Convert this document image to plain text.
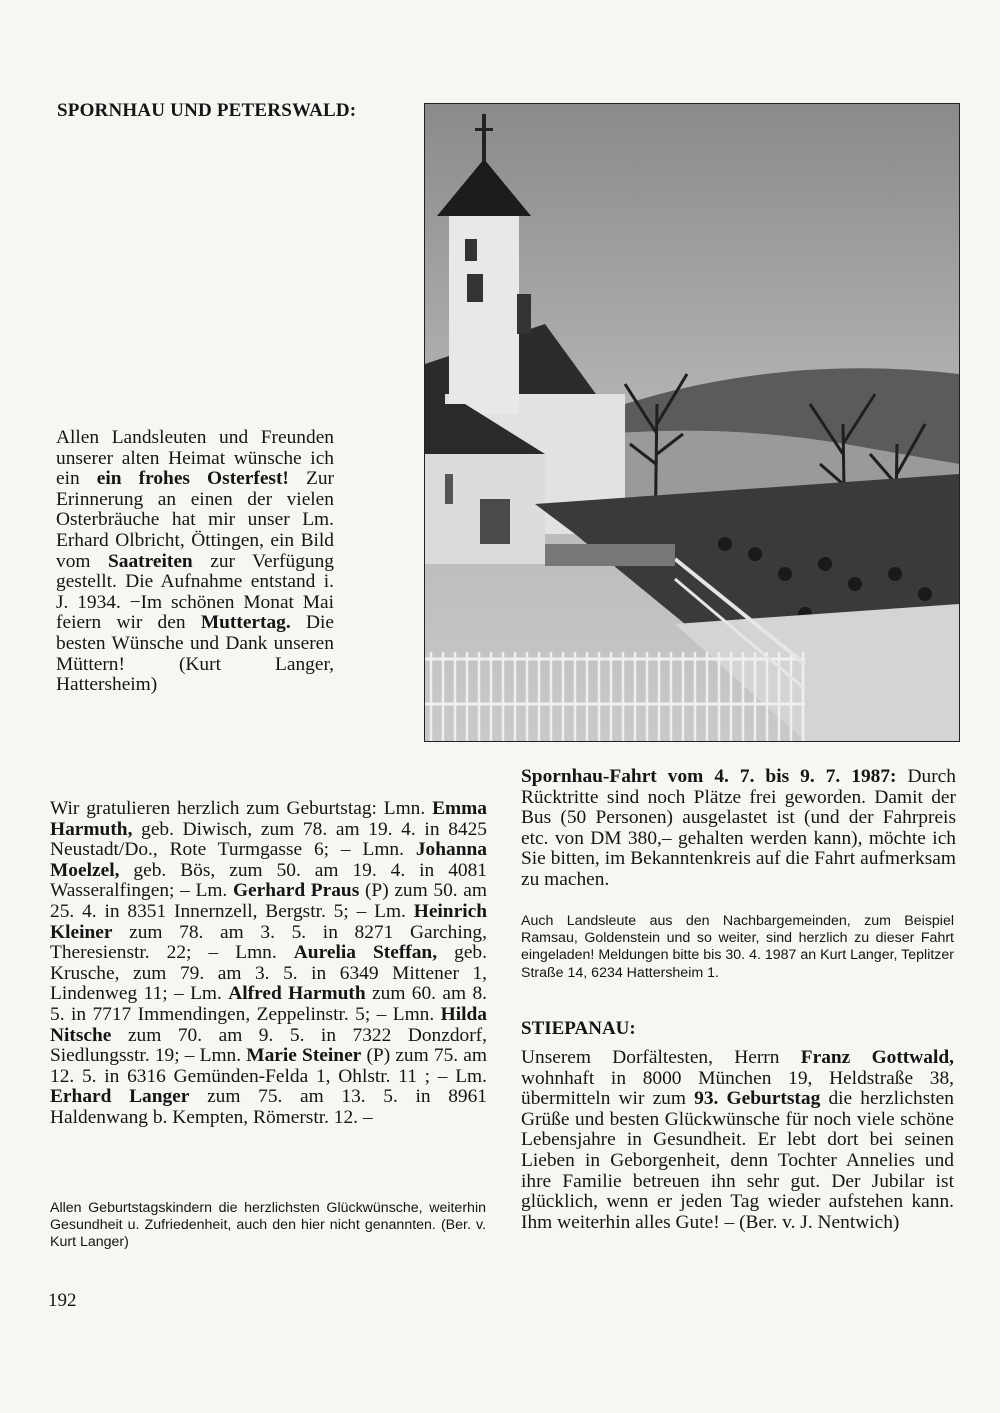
SPORNHAU UND PETERSWALD:

Allen Landsleuten und Freunden unserer alten Heimat wünsche ich ein ein frohes Osterfest! Zur Erinnerung an einen der vielen Osterbräuche hat mir unser Lm. Erhard Olbricht, Öttingen, ein Bild vom Saatreiten zur Verfügung gestellt. Die Aufnahme entstand i. J. 1934. −Im schönen Monat Mai feiern wir den Muttertag. Die besten Wünsche und Dank unseren Müttern! (Kurt Langer, Hattersheim)

Wir gratulieren herzlich zum Geburtstag: Lmn. Emma Harmuth, geb. Diwisch, zum 78. am 19. 4. in 8425 Neustadt/Do., Rote Turmgasse 6; – Lmn. Johanna Moelzel, geb. Bös, zum 50. am 19. 4. in 4081 Wasseralfingen; – Lm. Gerhard Praus (P) zum 50. am 25. 4. in 8351 Innernzell, Bergstr. 5; – Lm. Heinrich Kleiner zum 78. am 3. 5. in 8271 Garching, Theresienstr. 22; – Lmn. Aurelia Steffan, geb. Krusche, zum 79. am 3. 5. in 6349 Mittener 1, Lindenweg 11; – Lm. Alfred Harmuth zum 60. am 8. 5. in 7717 Immendingen, Zeppelinstr. 5; – Lmn. Hilda Nitsche zum 70. am 9. 5. in 7322 Donzdorf, Siedlungsstr. 19; – Lmn. Marie Steiner (P) zum 75. am 12. 5. in 6316 Gemünden-Felda 1, Ohlstr. 11 ; – Lm. Erhard Langer zum 75. am 13. 5. in 8961 Haldenwang b. Kempten, Römerstr. 12. –

Allen Geburtstagskindern die herzlichsten Glückwünsche, weiterhin Gesundheit u. Zufriedenheit, auch den hier nicht genannten. (Ber. v. Kurt Langer)

Spornhau-Fahrt vom 4. 7. bis 9. 7. 1987: Durch Rücktritte sind noch Plätze frei geworden. Damit der Bus (50 Personen) ausgelastet ist (und der Fahrpreis etc. von DM 380,– gehalten werden kann), möchte ich Sie bitten, im Bekanntenkreis auf die Fahrt aufmerksam zu machen.

Auch Landsleute aus den Nachbargemeinden, zum Beispiel Ramsau, Goldenstein und so weiter, sind herzlich zu dieser Fahrt eingeladen! Meldungen bitte bis 30. 4. 1987 an Kurt Langer, Teplitzer Straße 14, 6234 Hattersheim 1.

STIEPANAU:

Unserem Dorfältesten, Herrn Franz Gottwald, wohnhaft in 8000 München 19, Heldstraße 38, übermitteln wir zum 93. Geburtstag die herzlichsten Grüße und besten Glückwünsche für noch viele schöne Lebensjahre in Gesundheit. Er lebt dort bei seinen Lieben in Geborgenheit, denn Tochter Annelies und ihre Familie betreuen ihn sehr gut. Der Jubilar ist glücklich, wenn er jeden Tag wieder aufstehen kann. Ihm weiterhin alles Gute! – (Ber. v. J. Nentwich)

192
